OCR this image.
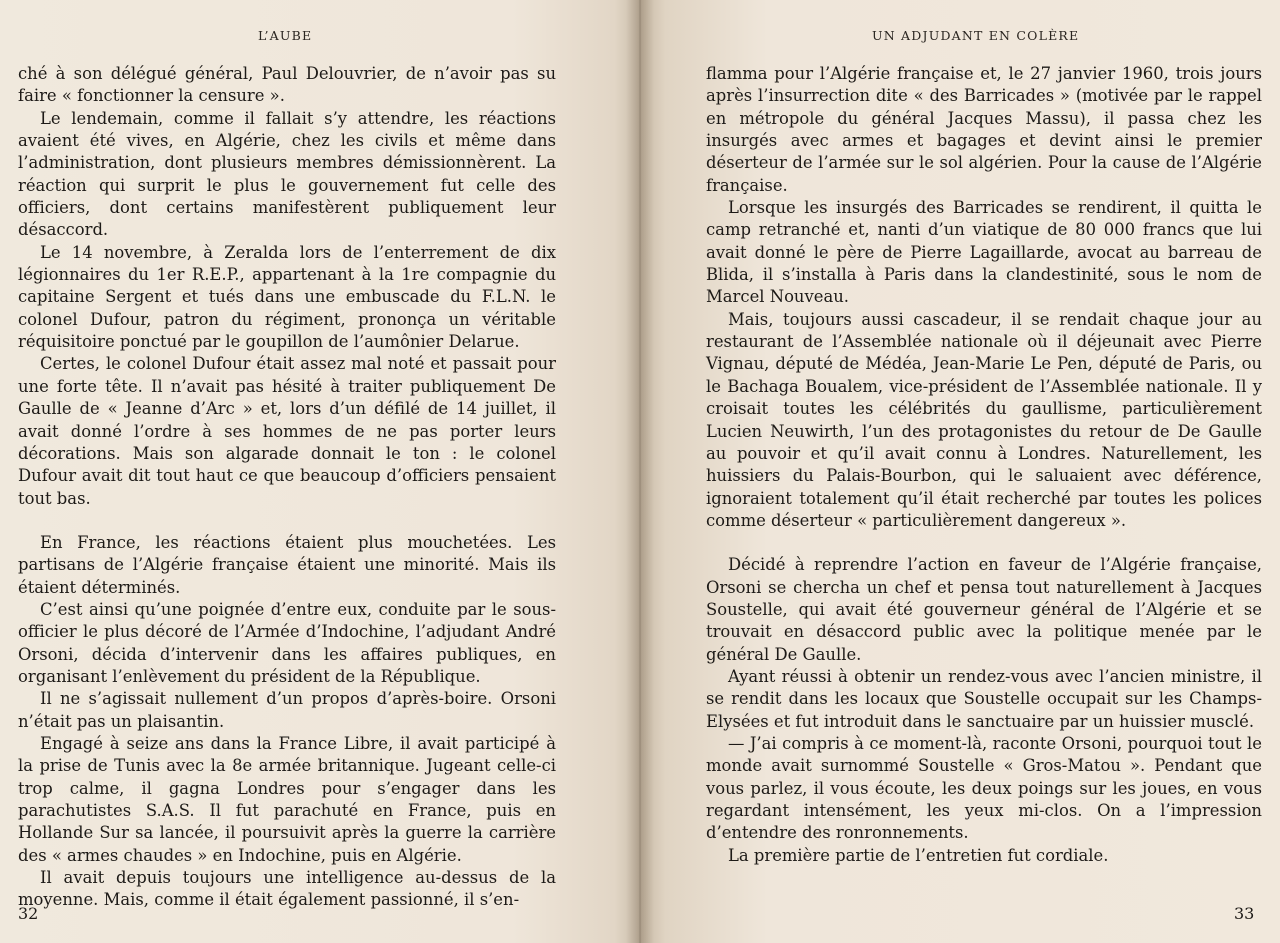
L’AUBE

ché à son délégué général, Paul Delouvrier, de n’avoir pas su faire « fonctionner la censure ».

Le lendemain, comme il fallait s’y attendre, les réactions avaient été vives, en Algérie, chez les civils et même dans l’administration, dont plusieurs membres démissionnèrent. La réaction qui surprit le plus le gouvernement fut celle des officiers, dont certains manifestèrent publiquement leur désaccord.

Le 14 novembre, à Zeralda lors de l’enterrement de dix légionnaires du 1er R.E.P., appartenant à la 1re compagnie du capitaine Sergent et tués dans une embuscade du F.L.N. le colonel Dufour, patron du régiment, prononça un véritable réquisitoire ponctué par le goupillon de l’aumônier Delarue.

Certes, le colonel Dufour était assez mal noté et passait pour une forte tête. Il n’avait pas hésité à traiter publiquement De Gaulle de « Jeanne d’Arc » et, lors d’un défilé de 14 juillet, il avait donné l’ordre à ses hommes de ne pas porter leurs décorations. Mais son algarade donnait le ton : le colonel Dufour avait dit tout haut ce que beaucoup d’officiers pensaient tout bas.

En France, les réactions étaient plus mouchetées. Les partisans de l’Algérie française étaient une minorité. Mais ils étaient déterminés.

C’est ainsi qu’une poignée d’entre eux, conduite par le sous-officier le plus décoré de l’Armée d’Indochine, l’adjudant André Orsoni, décida d’intervenir dans les affaires publiques, en organisant l’enlèvement du président de la République.

Il ne s’agissait nullement d’un propos d’après-boire. Orsoni n’était pas un plaisantin.

Engagé à seize ans dans la France Libre, il avait participé à la prise de Tunis avec la 8e armée britannique. Jugeant celle-ci trop calme, il gagna Londres pour s’engager dans les parachutistes S.A.S. Il fut parachuté en France, puis en Hollande Sur sa lancée, il poursuivit après la guerre la carrière des « armes chaudes » en Indochine, puis en Algérie.

Il avait depuis toujours une intelligence au-dessus de la moyenne. Mais, comme il était également passionné, il s’en-

32
UN ADJUDANT EN COLÈRE

flamma pour l’Algérie française et, le 27 janvier 1960, trois jours après l’insurrection dite « des Barricades » (motivée par le rappel en métropole du général Jacques Massu), il passa chez les insurgés avec armes et bagages et devint ainsi le premier déserteur de l’armée sur le sol algérien. Pour la cause de l’Algérie française.

Lorsque les insurgés des Barricades se rendirent, il quitta le camp retranché et, nanti d’un viatique de 80 000 francs que lui avait donné le père de Pierre Lagaillarde, avocat au barreau de Blida, il s’installa à Paris dans la clandestinité, sous le nom de Marcel Nouveau.

Mais, toujours aussi cascadeur, il se rendait chaque jour au restaurant de l’Assemblée nationale où il déjeunait avec Pierre Vignau, député de Médéa, Jean-Marie Le Pen, député de Paris, ou le Bachaga Boualem, vice-président de l’Assemblée nationale. Il y croisait toutes les célébrités du gaullisme, particulièrement Lucien Neuwirth, l’un des protagonistes du retour de De Gaulle au pouvoir et qu’il avait connu à Londres. Naturellement, les huissiers du Palais-Bourbon, qui le saluaient avec déférence, ignoraient totalement qu’il était recherché par toutes les polices comme déserteur « particulièrement dangereux ».

Décidé à reprendre l’action en faveur de l’Algérie française, Orsoni se chercha un chef et pensa tout naturellement à Jacques Soustelle, qui avait été gouverneur général de l’Algérie et se trouvait en désaccord public avec la politique menée par le général De Gaulle.

Ayant réussi à obtenir un rendez-vous avec l’ancien ministre, il se rendit dans les locaux que Soustelle occupait sur les Champs-Elysées et fut introduit dans le sanctuaire par un huissier musclé.

— J’ai compris à ce moment-là, raconte Orsoni, pourquoi tout le monde avait surnommé Soustelle « Gros-Matou ». Pendant que vous parlez, il vous écoute, les deux poings sur les joues, en vous regardant intensément, les yeux mi-clos. On a l’impression d’entendre des ronronnements.

La première partie de l’entretien fut cordiale.

33
